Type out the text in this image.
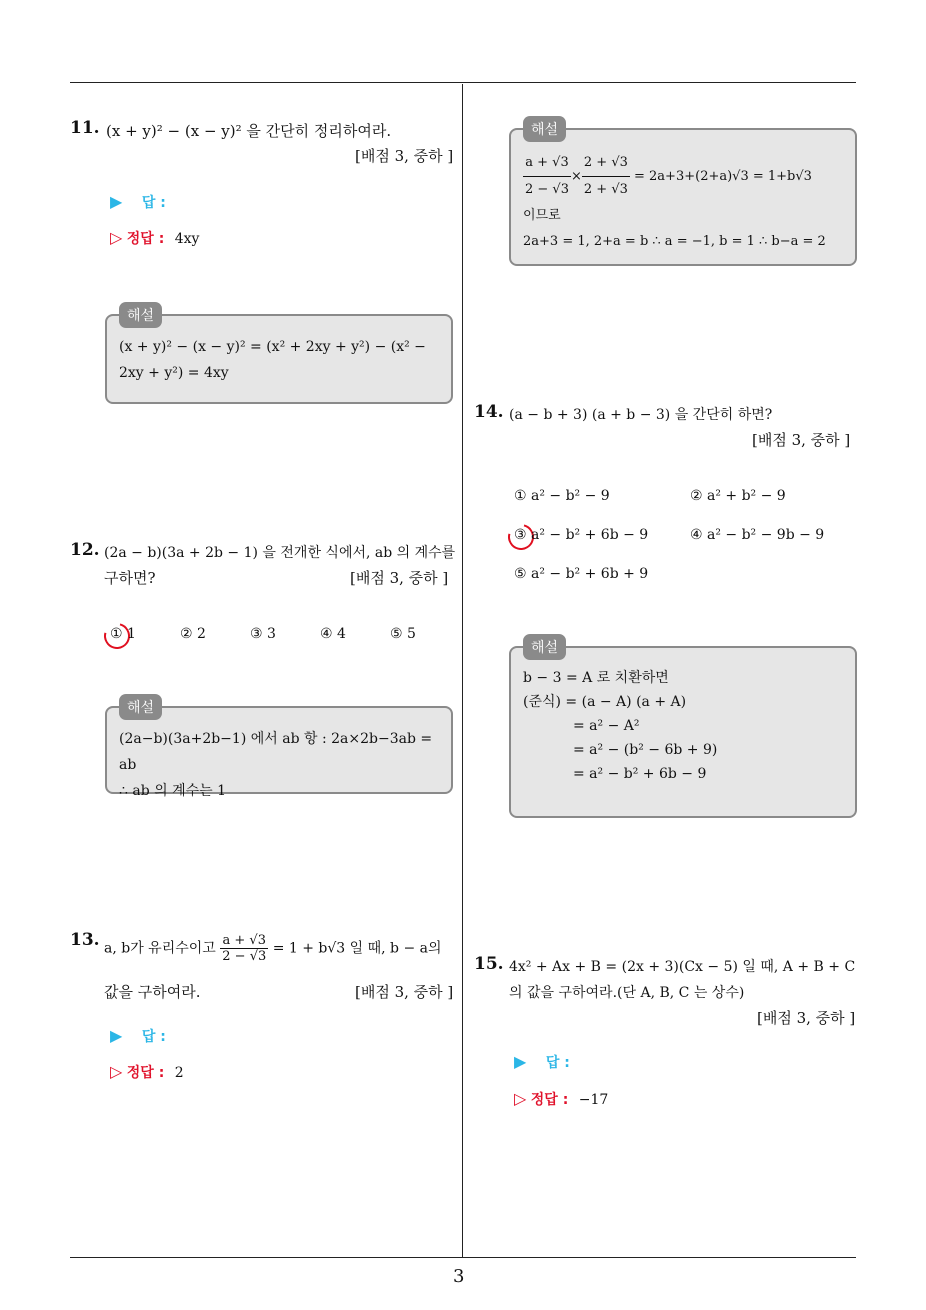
3
11. (x + y)² − (x − y)² 을 간단히 정리하여라.
[배점 3, 중하 ]
▶ 답 :
▷ 정답 : 4xy
해설
(x + y)² − (x − y)² = (x² + 2xy + y²) − (x² −
2xy + y²) = 4xy
12. (2a − b)(3a + 2b − 1) 을 전개한 식에서, ab 의 계수를
구하면?	[배점 3, 중하 ]
① 1	② 2	③ 3	④ 4	⑤ 5
해설
(2a−b)(3a+2b−1) 에서 ab 항 : 2a×2b−3ab = ab
∴ ab 의 계수는 1
13. a, b가 유리수이고 $\frac{a + √3}{2 - √3} = 1 + b√3$ 일 때, b − a의
값을 구하여라.	[배점 3, 중하 ]
▶ 답 :
▷ 정답 : 2
해설
$\frac{a + √3}{2 - √3} \times \frac{2 + √3}{2 + √3} = 2a+3+(2+a)√3 = 1+b√3$
이므로
2a+3 = 1, 2+a = b ∴ a = −1, b = 1 ∴ b−a = 2
14. (a − b + 3) (a + b − 3) 을 간단히 하면?
[배점 3, 중하 ]
① a² − b² − 9	② a² + b² − 9
③ a² − b² + 6b − 9	④ a² − b² − 9b − 9
⑤ a² − b² + 6b + 9
해설
b − 3 = A 로 치환하면
(준식) = (a − A) (a + A)
= a² − A²
= a² − (b² − 6b + 9)
= a² − b² + 6b − 9
15. 4x² + Ax + B = (2x + 3)(Cx − 5) 일 때, A + B + C
의 값을 구하여라.(단 A, B, C 는 상수)
[배점 3, 중하 ]
▶ 답 :
▷ 정답 : −17
